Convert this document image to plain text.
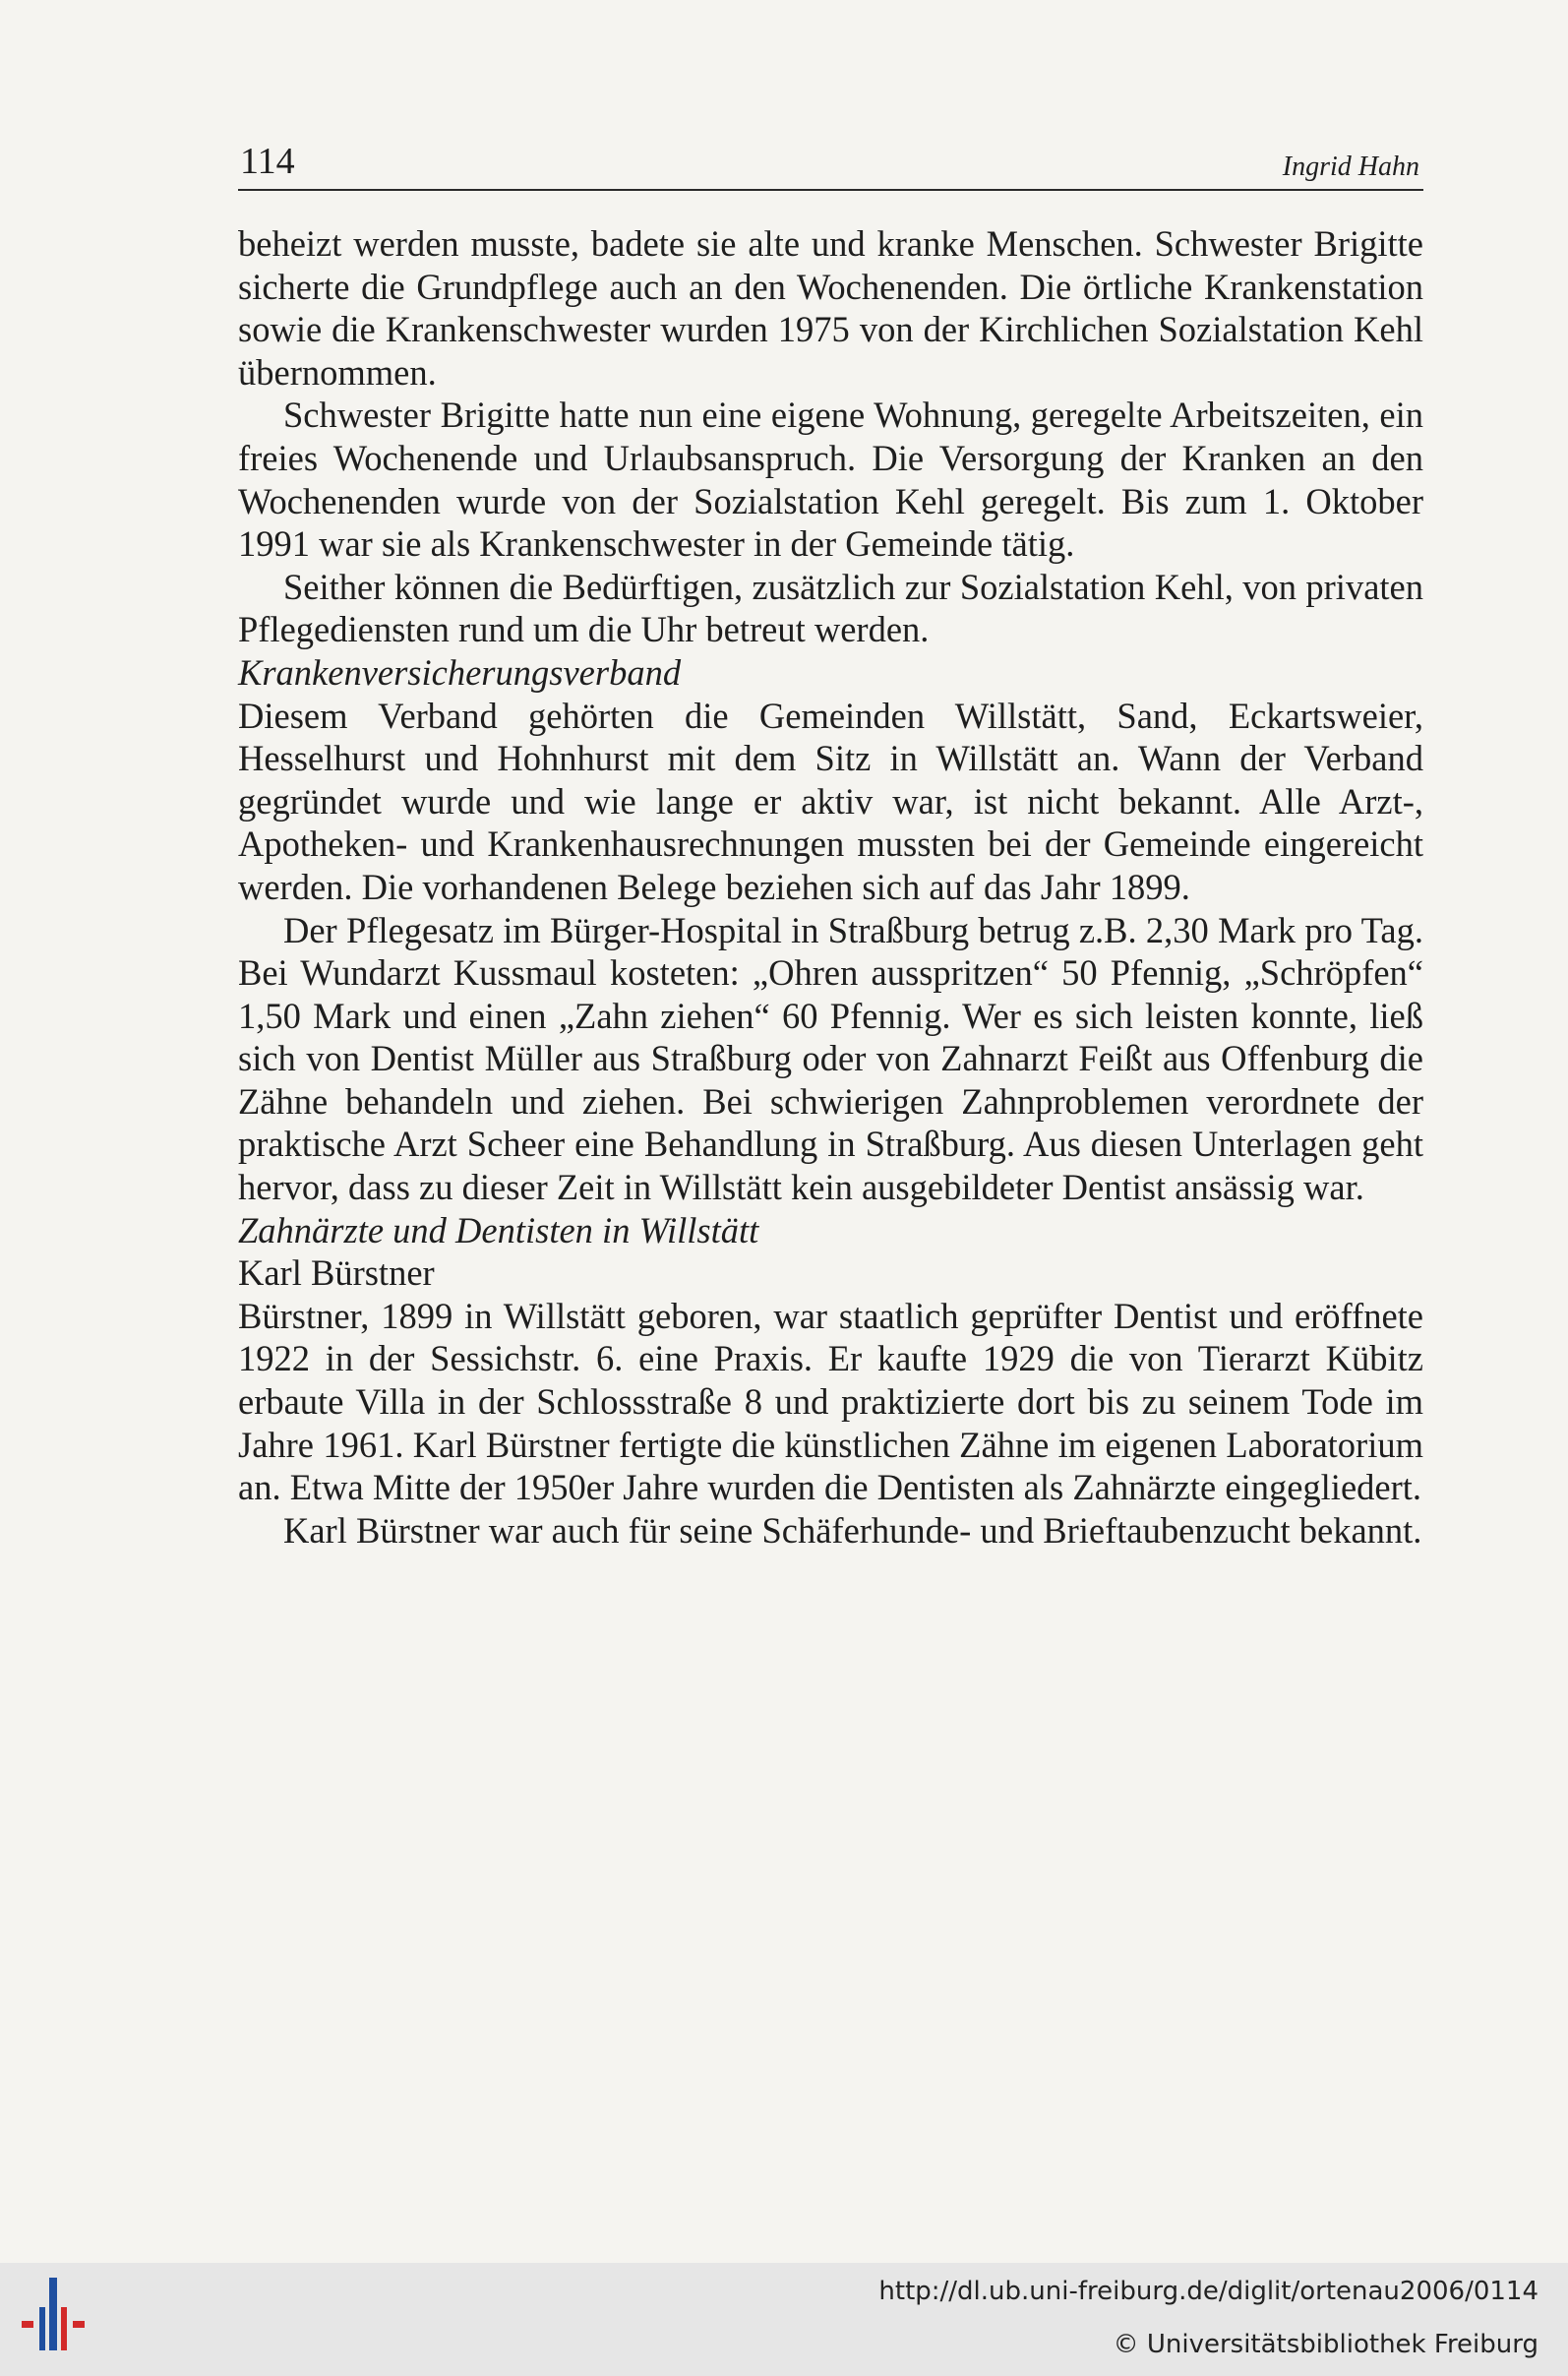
114	Ingrid Hahn

beheizt werden musste, badete sie alte und kranke Menschen. Schwester Brigitte sicherte die Grundpflege auch an den Wochenenden. Die örtliche Krankenstation sowie die Krankenschwester wurden 1975 von der Kirchlichen Sozialstation Kehl übernommen.

Schwester Brigitte hatte nun eine eigene Wohnung, geregelte Arbeitszeiten, ein freies Wochenende und Urlaubsanspruch. Die Versorgung der Kranken an den Wochenenden wurde von der Sozialstation Kehl geregelt. Bis zum 1. Oktober 1991 war sie als Krankenschwester in der Gemeinde tätig.

Seither können die Bedürftigen, zusätzlich zur Sozialstation Kehl, von privaten Pflegediensten rund um die Uhr betreut werden.

Krankenversicherungsverband

Diesem Verband gehörten die Gemeinden Willstätt, Sand, Eckartsweier, Hesselhurst und Hohnhurst mit dem Sitz in Willstätt an. Wann der Verband gegründet wurde und wie lange er aktiv war, ist nicht bekannt. Alle Arzt-, Apotheken- und Krankenhausrechnungen mussten bei der Gemeinde eingereicht werden. Die vorhandenen Belege beziehen sich auf das Jahr 1899.

Der Pflegesatz im Bürger-Hospital in Straßburg betrug z.B. 2,30 Mark pro Tag. Bei Wundarzt Kussmaul kosteten: „Ohren ausspritzen“ 50 Pfennig, „Schröpfen“ 1,50 Mark und einen „Zahn ziehen“ 60 Pfennig. Wer es sich leisten konnte, ließ sich von Dentist Müller aus Straßburg oder von Zahnarzt Feißt aus Offenburg die Zähne behandeln und ziehen. Bei schwierigen Zahnproblemen verordnete der praktische Arzt Scheer eine Behandlung in Straßburg. Aus diesen Unterlagen geht hervor, dass zu dieser Zeit in Willstätt kein ausgebildeter Dentist ansässig war.

Zahnärzte und Dentisten in Willstätt

Karl Bürstner

Bürstner, 1899 in Willstätt geboren, war staatlich geprüfter Dentist und eröffnete 1922 in der Sessichstr. 6. eine Praxis. Er kaufte 1929 die von Tierarzt Kübitz erbaute Villa in der Schlossstraße 8 und praktizierte dort bis zu seinem Tode im Jahre 1961. Karl Bürstner fertigte die künstlichen Zähne im eigenen Laboratorium an. Etwa Mitte der 1950er Jahre wurden die Dentisten als Zahnärzte eingegliedert.

Karl Bürstner war auch für seine Schäferhunde- und Brieftaubenzucht bekannt.

http://dl.ub.uni-freiburg.de/diglit/ortenau2006/0114
© Universitätsbibliothek Freiburg
